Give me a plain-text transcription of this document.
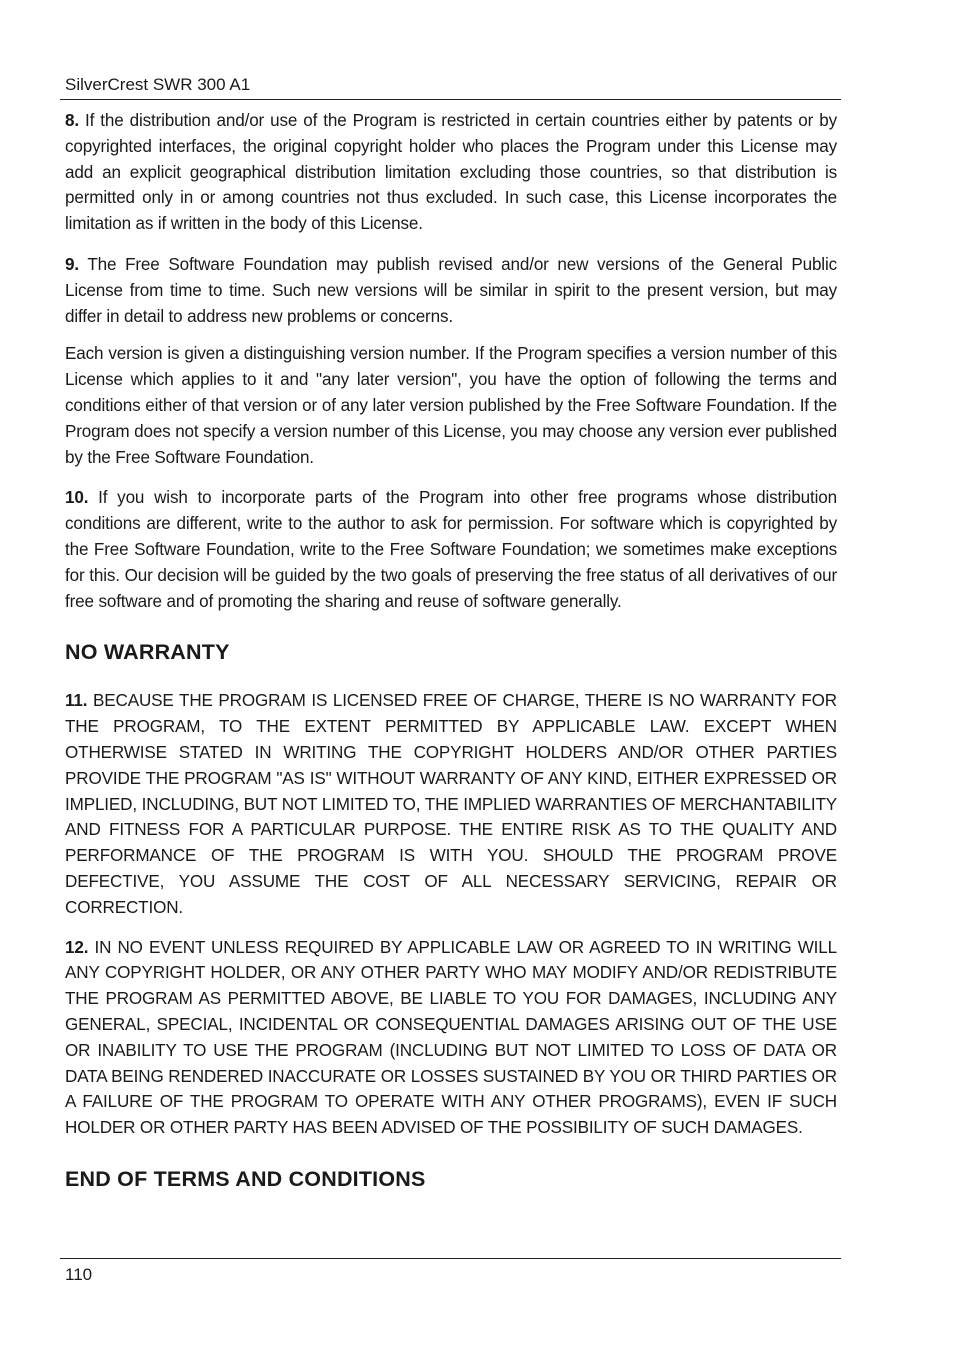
SilverCrest SWR 300 A1

8. If the distribution and/or use of the Program is restricted in certain countries either by patents or by copyrighted interfaces, the original copyright holder who places the Program under this License may add an explicit geographical distribution limitation excluding those countries, so that distribution is permitted only in or among countries not thus excluded. In such case, this License incorporates the limitation as if written in the body of this License.

9. The Free Software Foundation may publish revised and/or new versions of the General Public License from time to time. Such new versions will be similar in spirit to the present version, but may differ in detail to address new problems or concerns.

Each version is given a distinguishing version number. If the Program specifies a version number of this License which applies to it and "any later version", you have the option of following the terms and conditions either of that version or of any later version published by the Free Software Foundation. If the Program does not specify a version number of this License, you may choose any version ever published by the Free Software Foundation.

10. If you wish to incorporate parts of the Program into other free programs whose distribution conditions are different, write to the author to ask for permission. For software which is copyrighted by the Free Software Foundation, write to the Free Software Foundation; we sometimes make exceptions for this. Our decision will be guided by the two goals of preserving the free status of all derivatives of our free software and of promoting the sharing and reuse of software generally.

NO WARRANTY

11. BECAUSE THE PROGRAM IS LICENSED FREE OF CHARGE, THERE IS NO WARRANTY FOR THE PROGRAM, TO THE EXTENT PERMITTED BY APPLICABLE LAW. EXCEPT WHEN OTHERWISE STATED IN WRITING THE COPYRIGHT HOLDERS AND/OR OTHER PARTIES PROVIDE THE PROGRAM "AS IS" WITHOUT WARRANTY OF ANY KIND, EITHER EXPRESSED OR IMPLIED, INCLUDING, BUT NOT LIMITED TO, THE IMPLIED WARRANTIES OF MERCHANTABILITY AND FITNESS FOR A PARTICULAR PURPOSE. THE ENTIRE RISK AS TO THE QUALITY AND PERFORMANCE OF THE PROGRAM IS WITH YOU. SHOULD THE PROGRAM PROVE DEFECTIVE, YOU ASSUME THE COST OF ALL NECESSARY SERVICING, REPAIR OR CORRECTION.

12. IN NO EVENT UNLESS REQUIRED BY APPLICABLE LAW OR AGREED TO IN WRITING WILL ANY COPYRIGHT HOLDER, OR ANY OTHER PARTY WHO MAY MODIFY AND/OR REDISTRIBUTE THE PROGRAM AS PERMITTED ABOVE, BE LIABLE TO YOU FOR DAMAGES, INCLUDING ANY GENERAL, SPECIAL, INCIDENTAL OR CONSEQUENTIAL DAMAGES ARISING OUT OF THE USE OR INABILITY TO USE THE PROGRAM (INCLUDING BUT NOT LIMITED TO LOSS OF DATA OR DATA BEING RENDERED INACCURATE OR LOSSES SUSTAINED BY YOU OR THIRD PARTIES OR A FAILURE OF THE PROGRAM TO OPERATE WITH ANY OTHER PROGRAMS), EVEN IF SUCH HOLDER OR OTHER PARTY HAS BEEN ADVISED OF THE POSSIBILITY OF SUCH DAMAGES.

END OF TERMS AND CONDITIONS
110
